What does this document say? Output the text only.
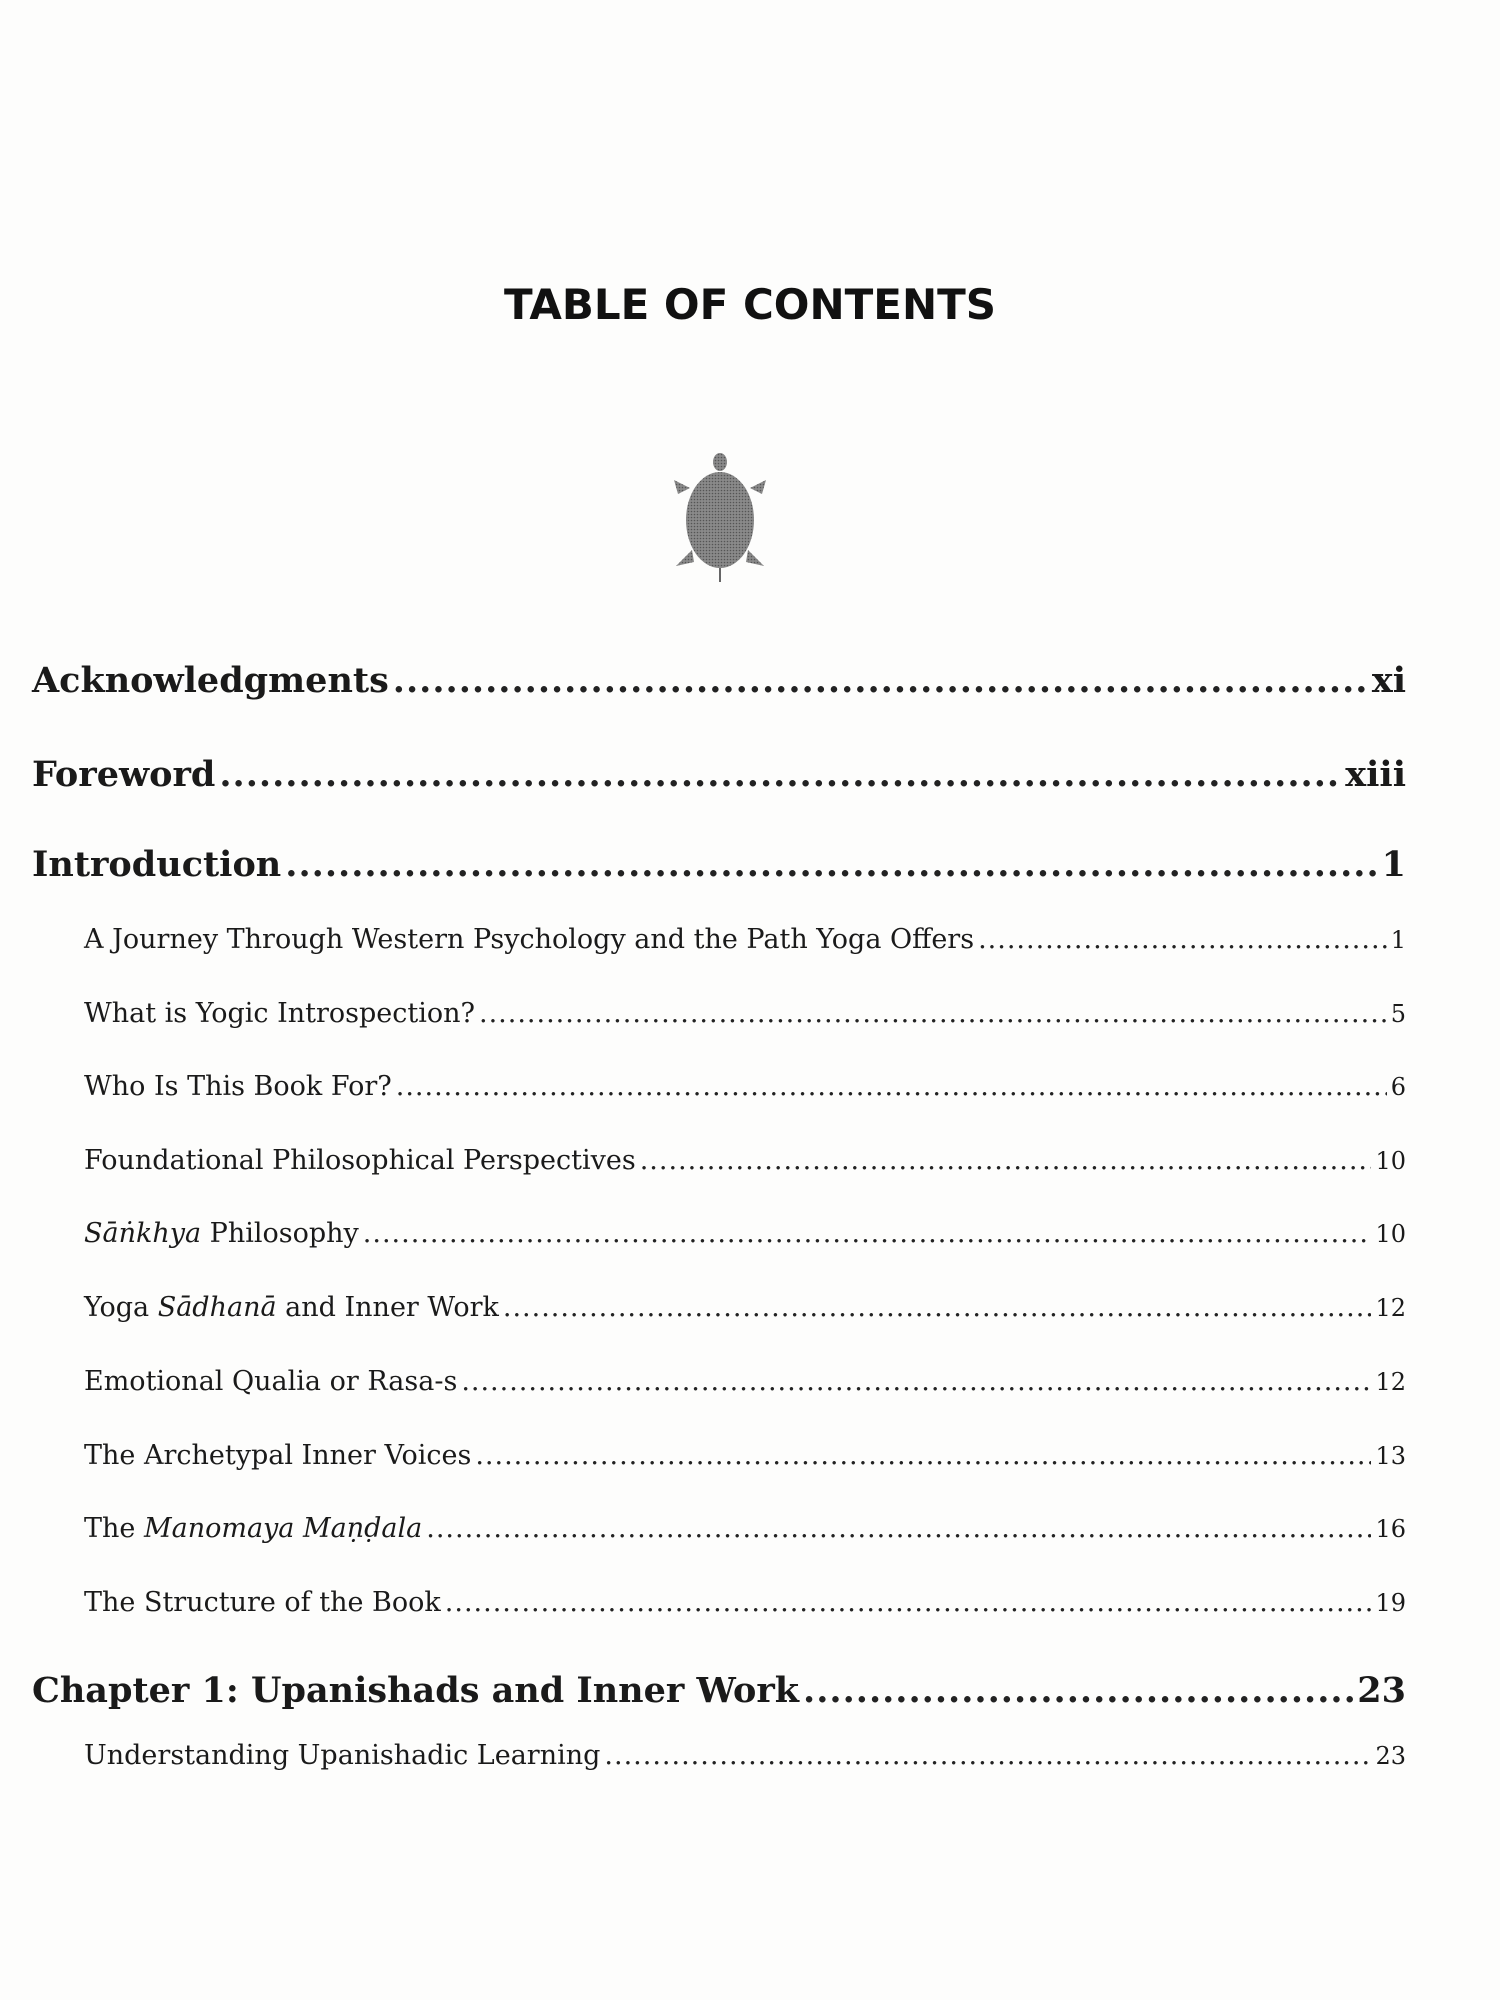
TABLE OF CONTENTS
Acknowledgments .....	xi
Foreword .....	xiii
Introduction .....	1
A Journey Through Western Psychology and the Path Yoga Offers .....	1
What is Yogic Introspection? .....	5
Who Is This Book For? .....	6
Foundational Philosophical Perspectives .....	10
Sāṅkhya Philosophy .....	10
Yoga Sādhanā and Inner Work .....	12
Emotional Qualia or Rasa-s .....	12
The Archetypal Inner Voices .....	13
The Manomaya Maṇḍala .....	16
The Structure of the Book .....	19
Chapter 1: Upanishads and Inner Work .....	23
Understanding Upanishadic Learning .....	23
